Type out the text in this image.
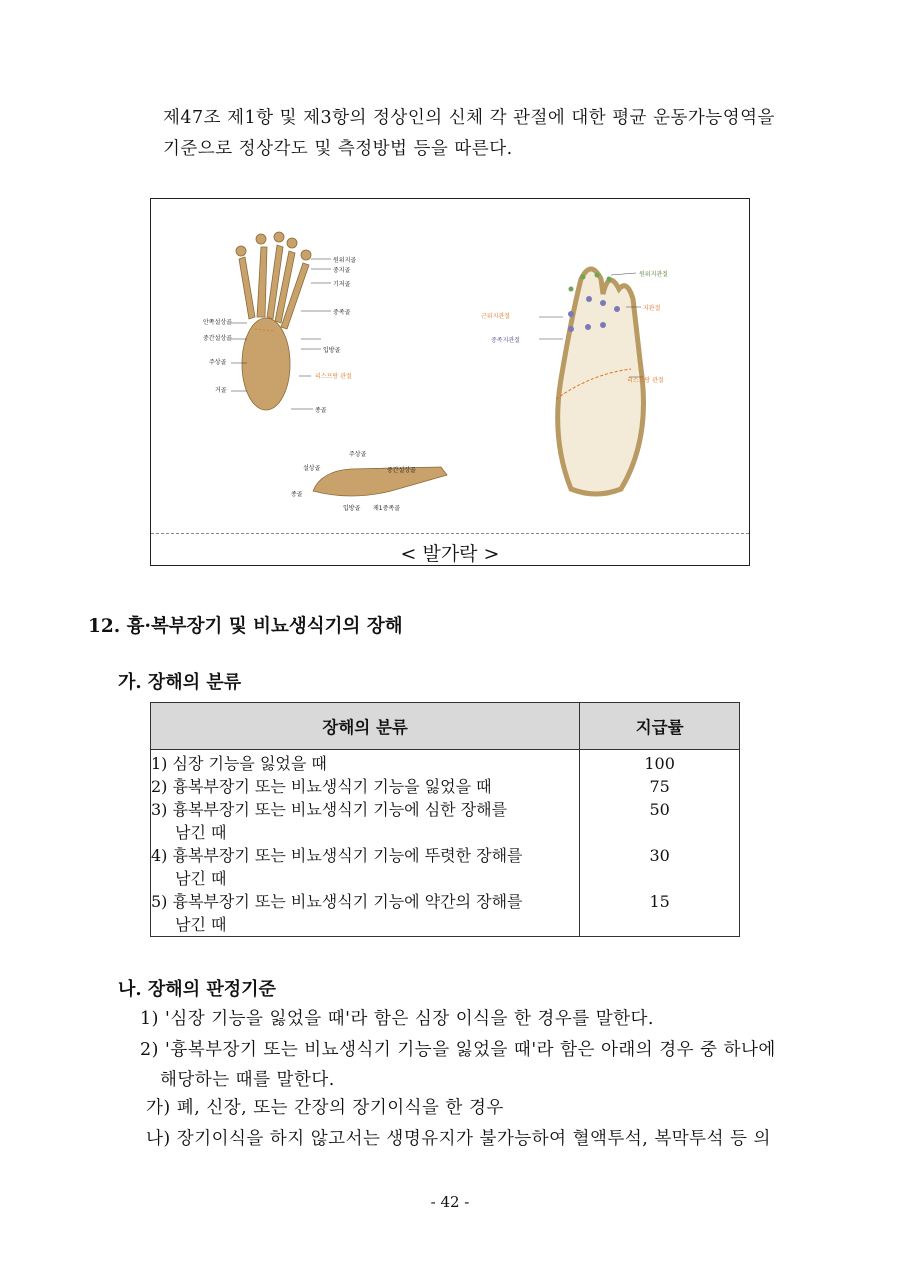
제47조 제1항 및 제3항의 정상인의 신체 각 관절에 대한 평균 운동가능영역을
기준으로 정상각도 및 측정방법 등을 따른다.
원위지골
중지골
기저골
중족골
안쪽설상골
중간설상골
입방골
주상골
리스프랑 관절
거골
종골
원위지관절
지관절
근위지관절
중족지관절
리스프랑 관절
주상골
설상골	중간설상골
종골
입방골 제1중족골
< 발가락 >
12. 흉·복부장기 및 비뇨생식기의 장해
가. 장해의 분류
장해의 분류	지급률
1) 심장 기능을 잃었을 때	100
2) 흉복부장기 또는 비뇨생식기 기능을 잃었을 때	75
3) 흉복부장기 또는 비뇨생식기 기능에 심한 장해를
남긴 때	50
4) 흉복부장기 또는 비뇨생식기 기능에 뚜렷한 장해를
남긴 때	30
5) 흉복부장기 또는 비뇨생식기 기능에 약간의 장해를
남긴 때	15
나. 장해의 판정기준
1) '심장 기능을 잃었을 때'라 함은 심장 이식을 한 경우를 말한다.
2) '흉복부장기 또는 비뇨생식기 기능을 잃었을 때'라 함은 아래의 경우 중 하나에
해당하는 때를 말한다.
가) 폐, 신장, 또는 간장의 장기이식을 한 경우
나) 장기이식을 하지 않고서는 생명유지가 불가능하여 혈액투석, 복막투석 등 의
- 42 -
